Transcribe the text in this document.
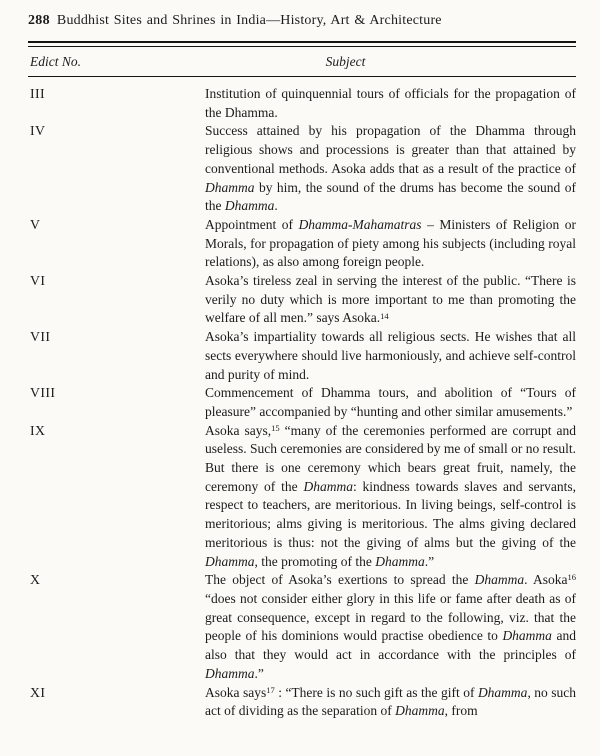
288 Buddhist Sites and Shrines in India—History, Art & Architecture
Edict No.	Subject
III	Institution of quinquennial tours of officials for the propagation of the Dhamma.
IV	Success attained by his propagation of the Dhamma through religious shows and processions is greater than that attained by conventional methods. Asoka adds that as a result of the practice of Dhamma by him, the sound of the drums has become the sound of the Dhamma.
V	Appointment of Dhamma-Mahamatras – Ministers of Religion or Morals, for propagation of piety among his subjects (including royal relations), as also among foreign people.
VI	Asoka’s tireless zeal in serving the interest of the public. “There is verily no duty which is more important to me than promoting the welfare of all men.” says Asoka.$^{14}$
VII	Asoka’s impartiality towards all religious sects. He wishes that all sects everywhere should live harmoniously, and achieve self-control and purity of mind.
VIII	Commencement of Dhamma tours, and abolition of “Tours of pleasure” accompanied by “hunting and other similar amusements.”
IX	Asoka says,$^{15}$ “many of the ceremonies performed are corrupt and useless. Such ceremonies are considered by me of small or no result. But there is one ceremony which bears great fruit, namely, the ceremony of the Dhamma: kindness towards slaves and servants, respect to teachers, are meritorious. In living beings, self-control is meritorious; alms giving is meritorious. The alms giving declared meritorious is thus: not the giving of alms but the giving of the Dhamma, the promoting of the Dhamma.”
X	The object of Asoka’s exertions to spread the Dhamma. Asoka$^{16}$ “does not consider either glory in this life or fame after death as of great consequence, except in regard to the following, viz. that the people of his dominions would practise obedience to Dhamma and also that they would act in accordance with the principles of Dhamma.”
XI	Asoka says$^{17}$ : “There is no such gift as the gift of Dhamma, no such act of dividing as the separation of Dhamma, from
